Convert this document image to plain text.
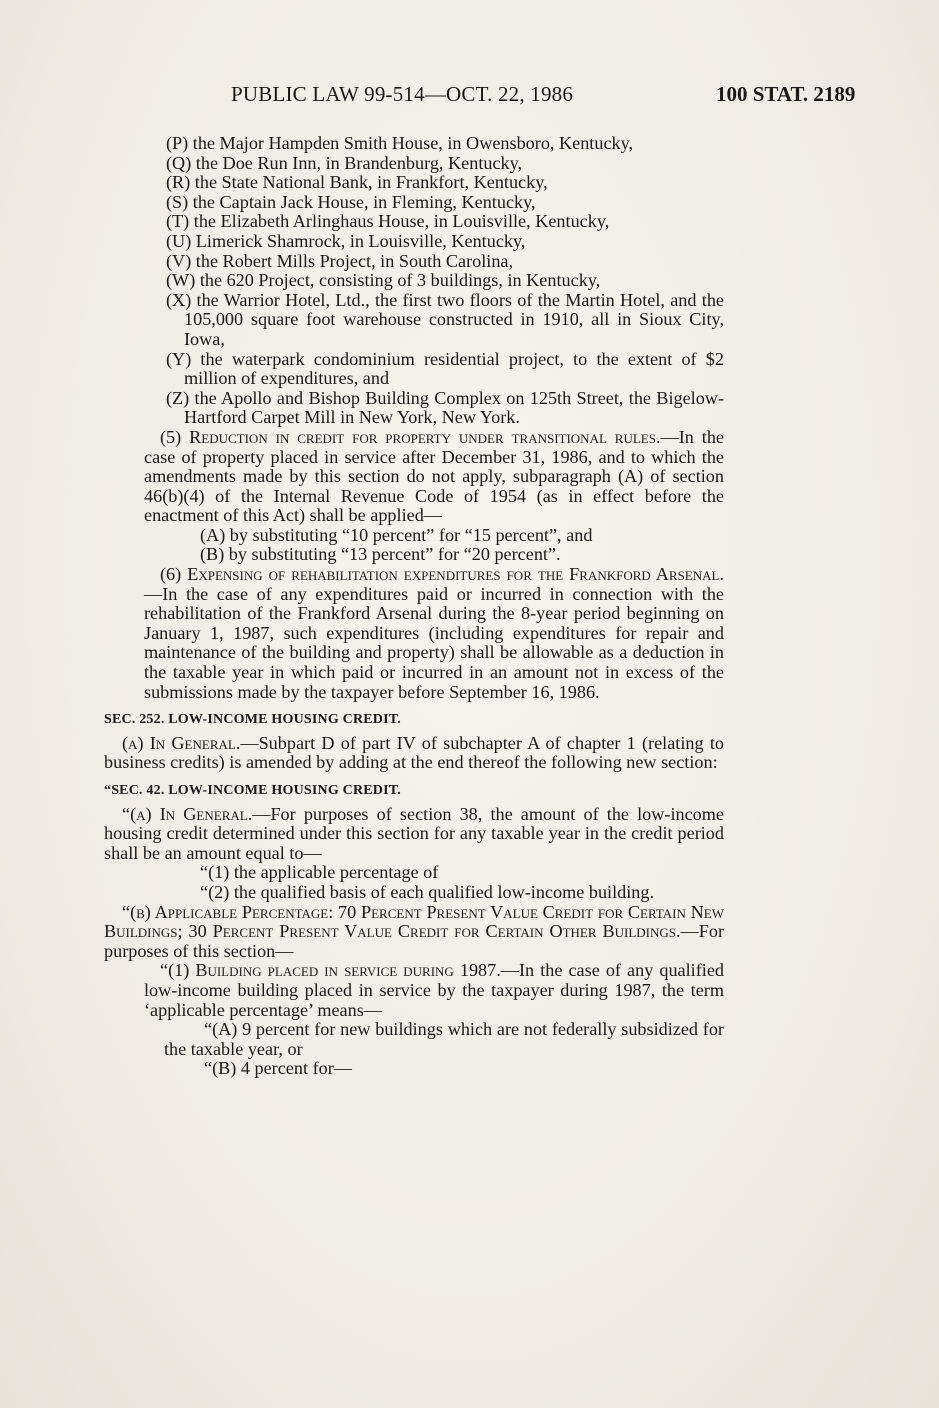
PUBLIC LAW 99-514—OCT. 22, 1986	100 STAT. 2189

(P) the Major Hampden Smith House, in Owensboro, Kentucky,

(Q) the Doe Run Inn, in Brandenburg, Kentucky,

(R) the State National Bank, in Frankfort, Kentucky,

(S) the Captain Jack House, in Fleming, Kentucky,

(T) the Elizabeth Arlinghaus House, in Louisville, Kentucky,

(U) Limerick Shamrock, in Louisville, Kentucky,

(V) the Robert Mills Project, in South Carolina,

(W) the 620 Project, consisting of 3 buildings, in Kentucky,

(X) the Warrior Hotel, Ltd., the first two floors of the Martin Hotel, and the 105,000 square foot warehouse constructed in 1910, all in Sioux City, Iowa,

(Y) the waterpark condominium residential project, to the extent of $2 million of expenditures, and

(Z) the Apollo and Bishop Building Complex on 125th Street, the Bigelow-Hartford Carpet Mill in New York, New York.

(5) Reduction in credit for property under transitional rules.—In the case of property placed in service after December 31, 1986, and to which the amendments made by this section do not apply, subparagraph (A) of section 46(b)(4) of the Internal Revenue Code of 1954 (as in effect before the enactment of this Act) shall be applied—

(A) by substituting “10 percent” for “15 percent”, and

(B) by substituting “13 percent” for “20 percent”.

(6) Expensing of rehabilitation expenditures for the Frankford Arsenal.—In the case of any expenditures paid or incurred in connection with the rehabilitation of the Frankford Arsenal during the 8-year period beginning on January 1, 1987, such expenditures (including expenditures for repair and maintenance of the building and property) shall be allowable as a deduction in the taxable year in which paid or incurred in an amount not in excess of the submissions made by the taxpayer before September 16, 1986.

SEC. 252. LOW-INCOME HOUSING CREDIT.

(a) In General.—Subpart D of part IV of subchapter A of chapter 1 (relating to business credits) is amended by adding at the end thereof the following new section:

“SEC. 42. LOW-INCOME HOUSING CREDIT.

“(a) In General.—For purposes of section 38, the amount of the low-income housing credit determined under this section for any taxable year in the credit period shall be an amount equal to—

“(1) the applicable percentage of

“(2) the qualified basis of each qualified low-income building.

“(b) Applicable Percentage: 70 Percent Present Value Credit for Certain New Buildings; 30 Percent Present Value Credit for Certain Other Buildings.—For purposes of this section—

“(1) Building placed in service during 1987.—In the case of any qualified low-income building placed in service by the taxpayer during 1987, the term ‘applicable percentage’ means—

“(A) 9 percent for new buildings which are not federally subsidized for the taxable year, or

“(B) 4 percent for—
